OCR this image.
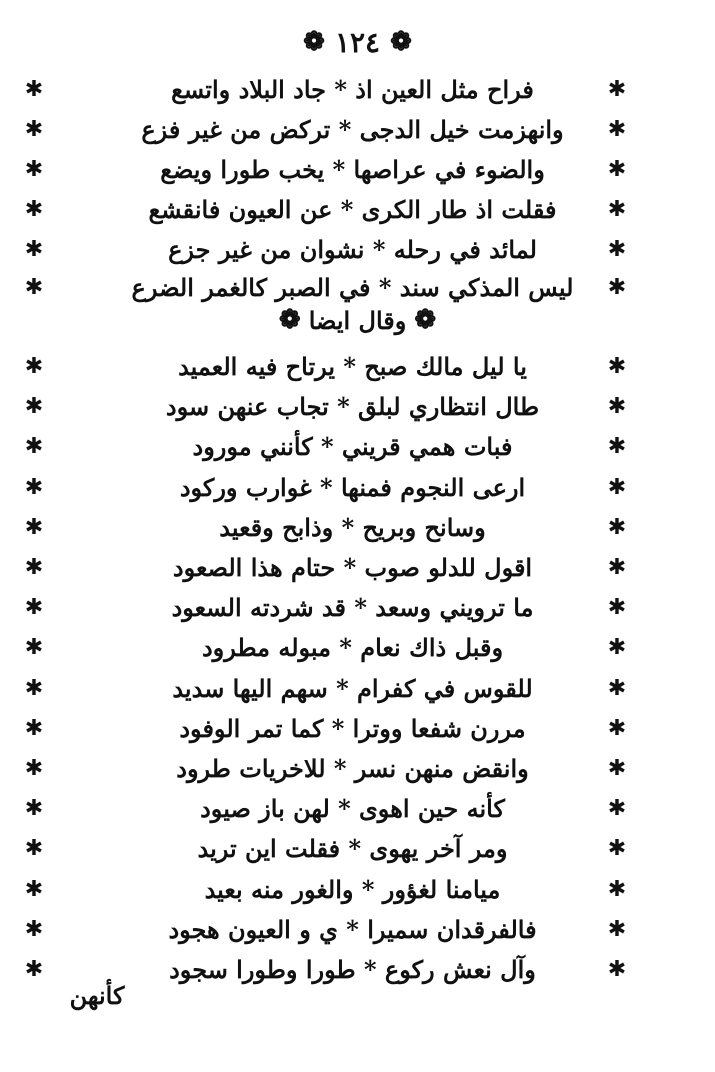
❁
١٢٤
❁
✱
فراح مثل العين اذ * جاد البلاد واتسع
✱
✱
وانهزمت خيل الدجى * تركض من غير فزع
✱
✱
والضوء في عراصها * يخب طورا ويضع
✱
✱
فقلت اذ طار الكرى * عن العيون فانقشع
✱
✱
لمائد في رحله * نشوان من غير جزع
✱
✱
ليس المذكي سند * في الصبر كالغمر الضرع
✱
❁
وقال ايضا
❁
✱
يا ليل مالك صبح * يرتاح فيه العميد
✱
✱
طال انتظاري لبلق * تجاب عنهن سود
✱
✱
فبات همي قريني * كأنني مورود
✱
✱
ارعى النجوم فمنها * غوارب وركود
✱
✱
وسانح وبريح * وذابح وقعيد
✱
✱
اقول للدلو صوب * حتام هذا الصعود
✱
✱
ما ترويني وسعد * قد شردته السعود
✱
✱
وقبل ذاك نعام * مبوله مطرود
✱
✱
للقوس في كفرام * سهم اليها سديد
✱
✱
مررن شفعا ووترا * كما تمر الوفود
✱
✱
وانقض منهن نسر * للاخريات طرود
✱
✱
كأنه حين اهوى * لهن باز صيود
✱
✱
ومر آخر يهوى * فقلت اين تريد
✱
✱
ميامنا لغؤور * والغور منه بعيد
✱
✱
فالفرقدان سميرا * ي و العيون هجود
✱
✱
وآل نعش ركوع * طورا وطورا سجود
✱
كأنهن
